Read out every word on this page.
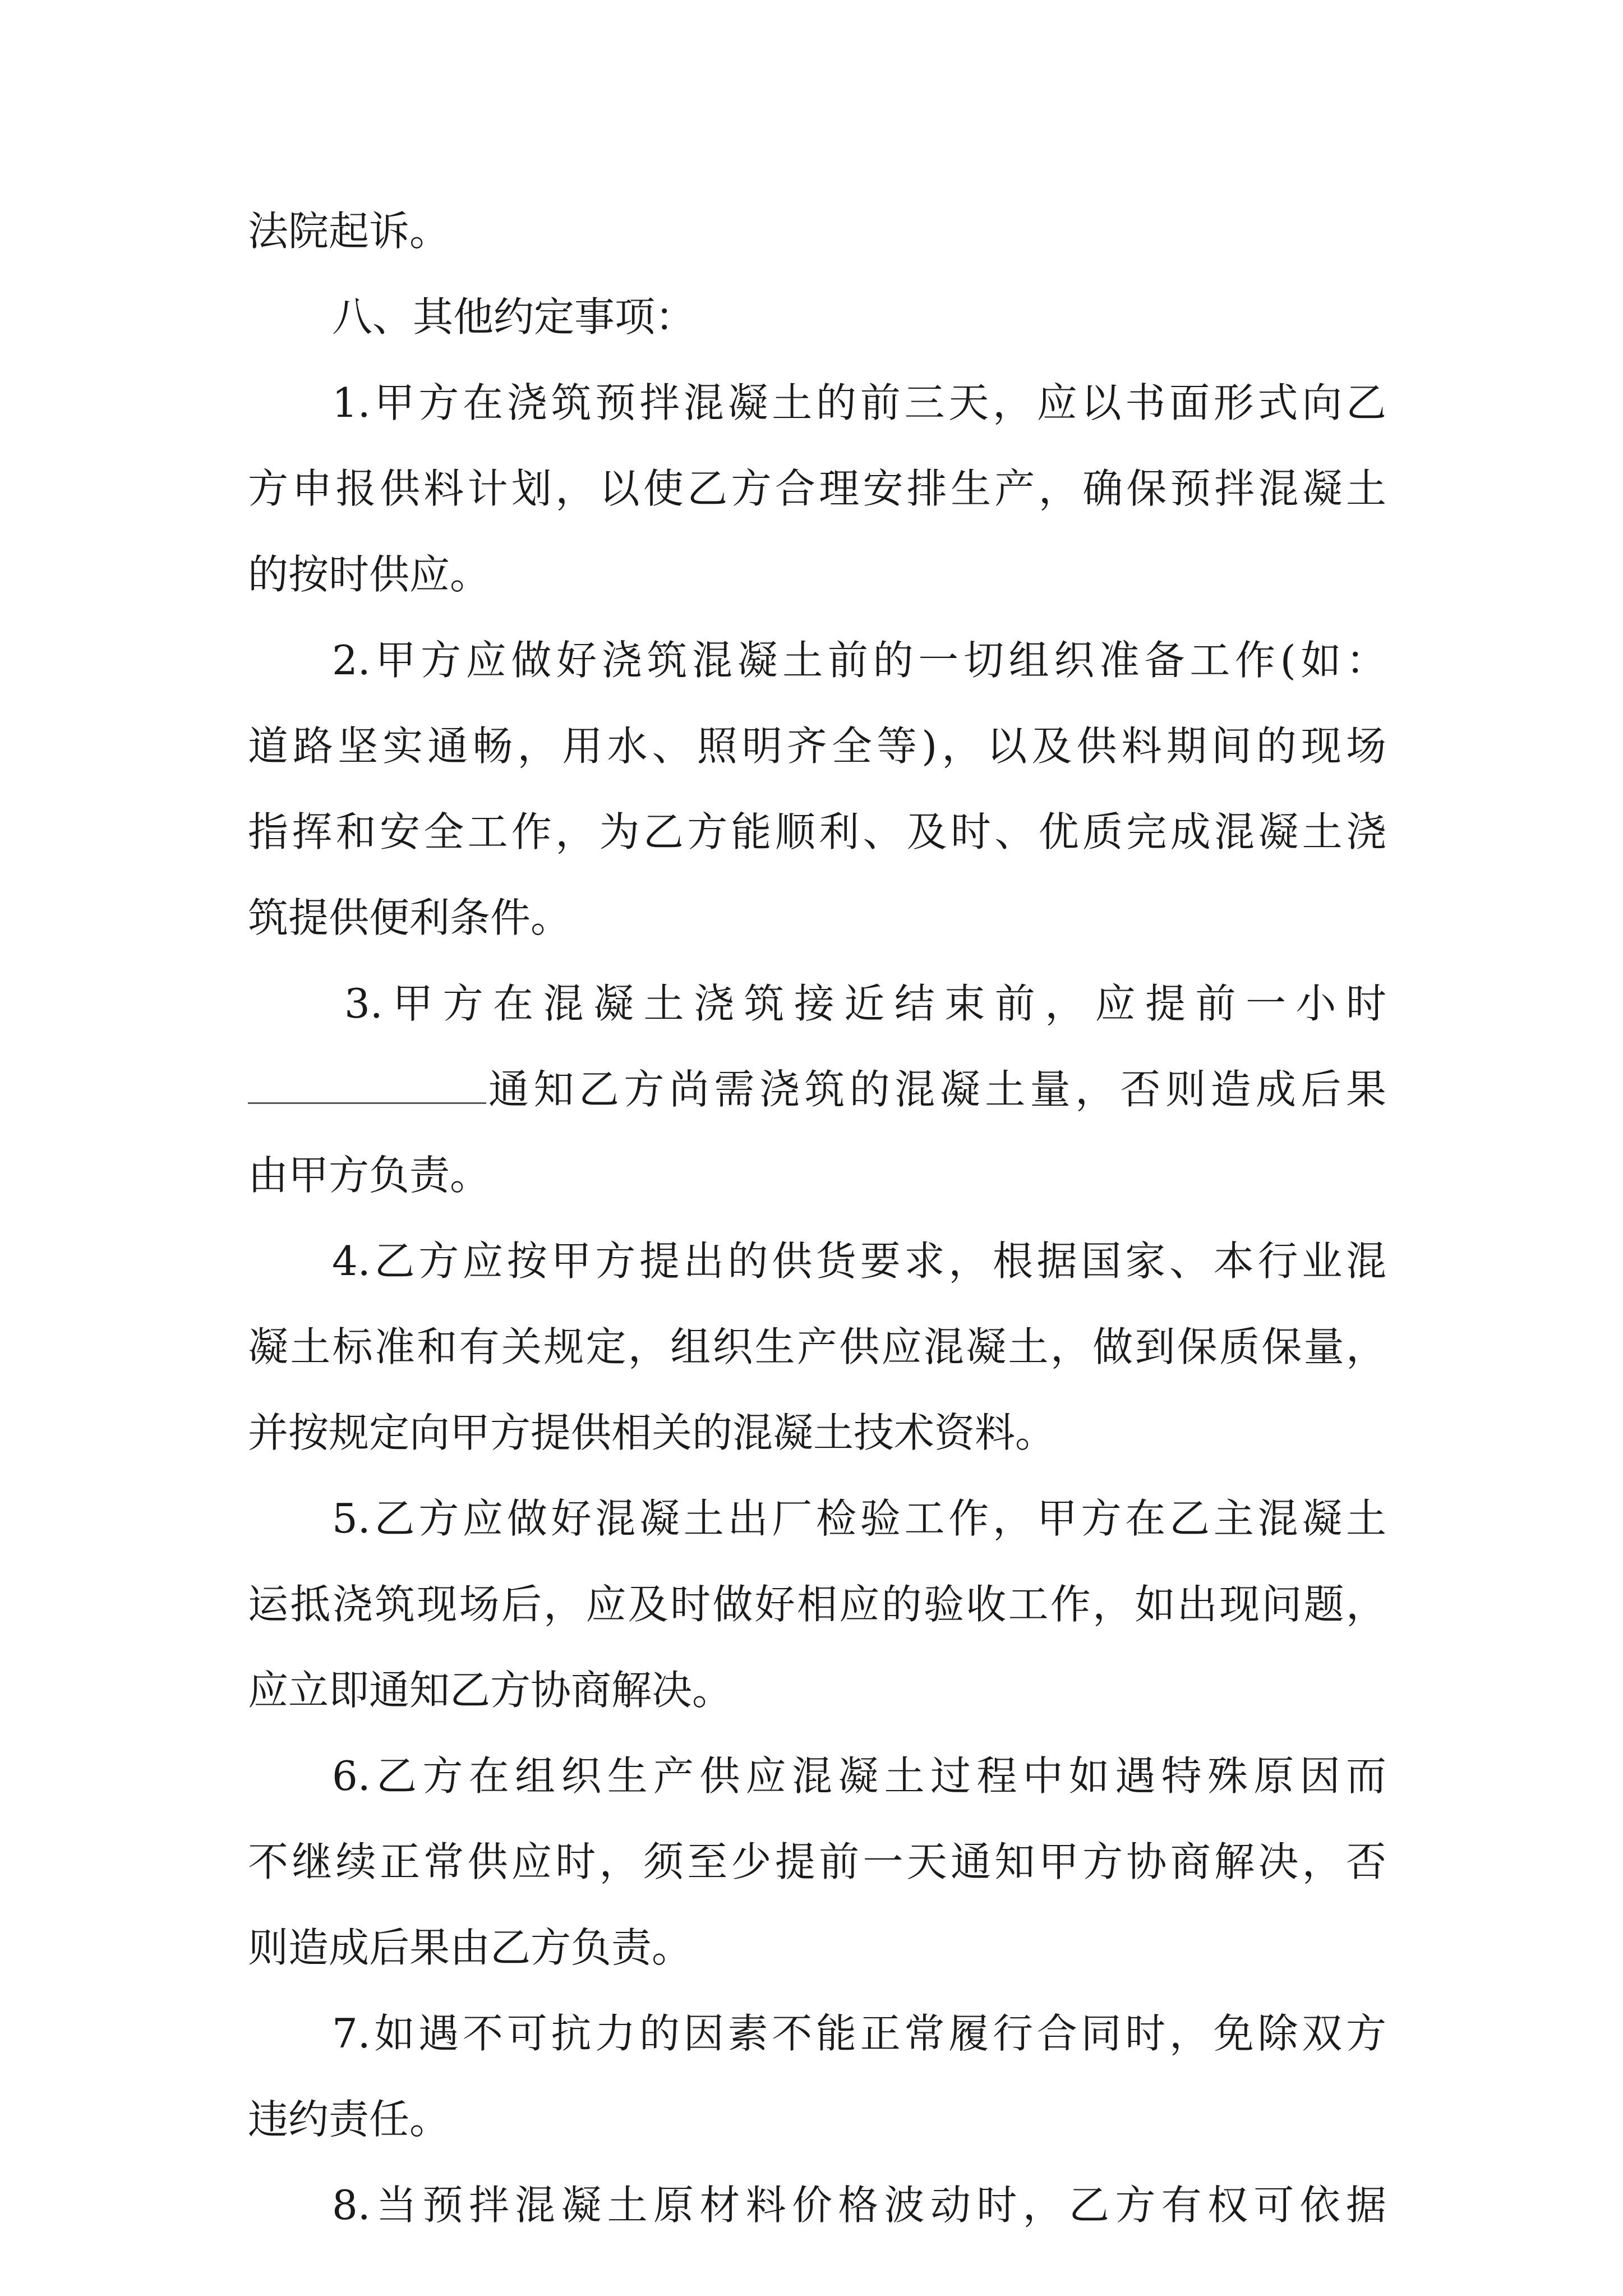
法院起诉。
八、其他约定事项：
1.甲方在浇筑预拌混凝土的前三天，应以书面形式向乙
方申报供料计划，以使乙方合理安排生产，确保预拌混凝土
的按时供应。
2.甲方应做好浇筑混凝土前的一切组织准备工作(如：
道路坚实通畅，用水、照明齐全等)，以及供料期间的现场
指挥和安全工作，为乙方能顺利、及时、优质完成混凝土浇
筑提供便利条件。
3.甲方在混凝土浇筑接近结束前，应提前一小时
通知乙方尚需浇筑的混凝土量，否则造成后果
由甲方负责。
4.乙方应按甲方提出的供货要求，根据国家、本行业混
凝土标准和有关规定，组织生产供应混凝土，做到保质保量，
并按规定向甲方提供相关的混凝土技术资料。
5.乙方应做好混凝土出厂检验工作，甲方在乙主混凝土
运抵浇筑现场后，应及时做好相应的验收工作，如出现问题，
应立即通知乙方协商解决。
6.乙方在组织生产供应混凝土过程中如遇特殊原因而
不继续正常供应时，须至少提前一天通知甲方协商解决，否
则造成后果由乙方负责。
7.如遇不可抗力的因素不能正常履行合同时，免除双方
违约责任。
8.当预拌混凝土原材料价格波动时，乙方有权可依据
